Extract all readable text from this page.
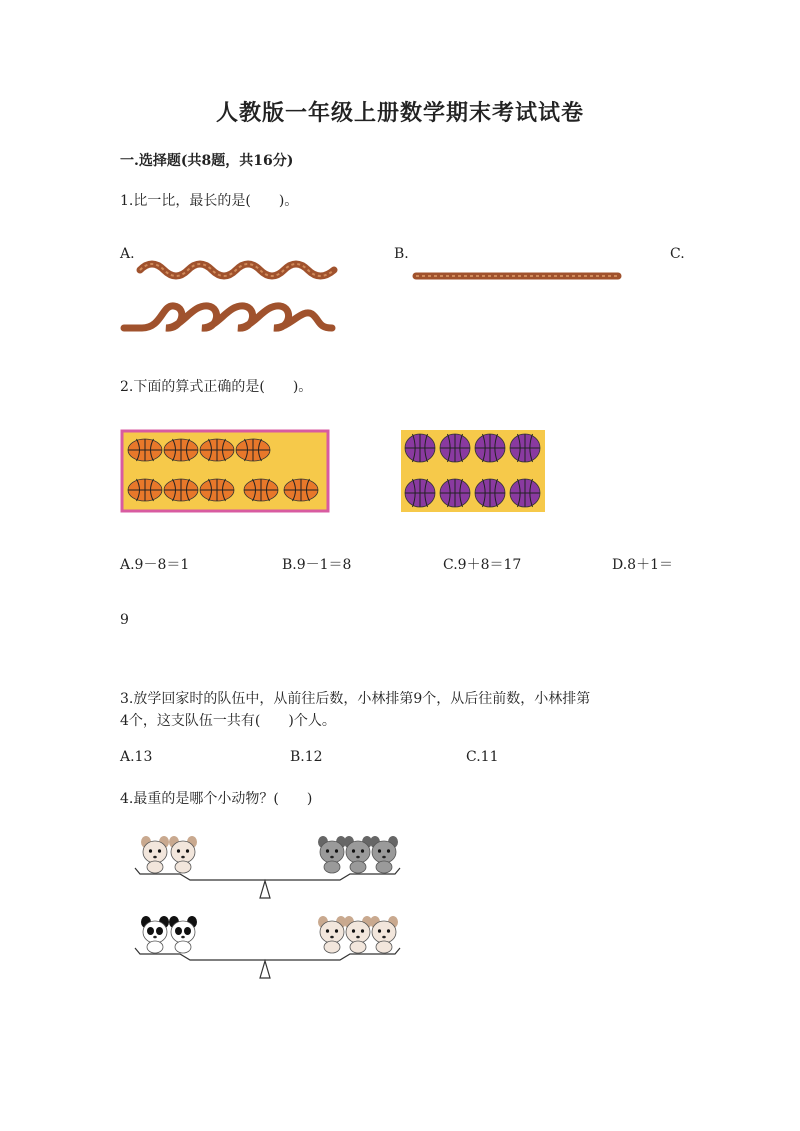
人教版一年级上册数学期末考试试卷
一.选择题(共8题，共16分)
1.比一比，最长的是(　　)。
A.	B.	C.
2.下面的算式正确的是(　　)。
A.9－8＝1	B.9－1＝8	C.9＋8＝17	D.8＋1＝
9
3.放学回家时的队伍中，从前往后数，小林排第9个，从后往前数，小林排第
4个，这支队伍一共有(　　)个人。
A.13	B.12	C.11
4.最重的是哪个小动物？(　　)
